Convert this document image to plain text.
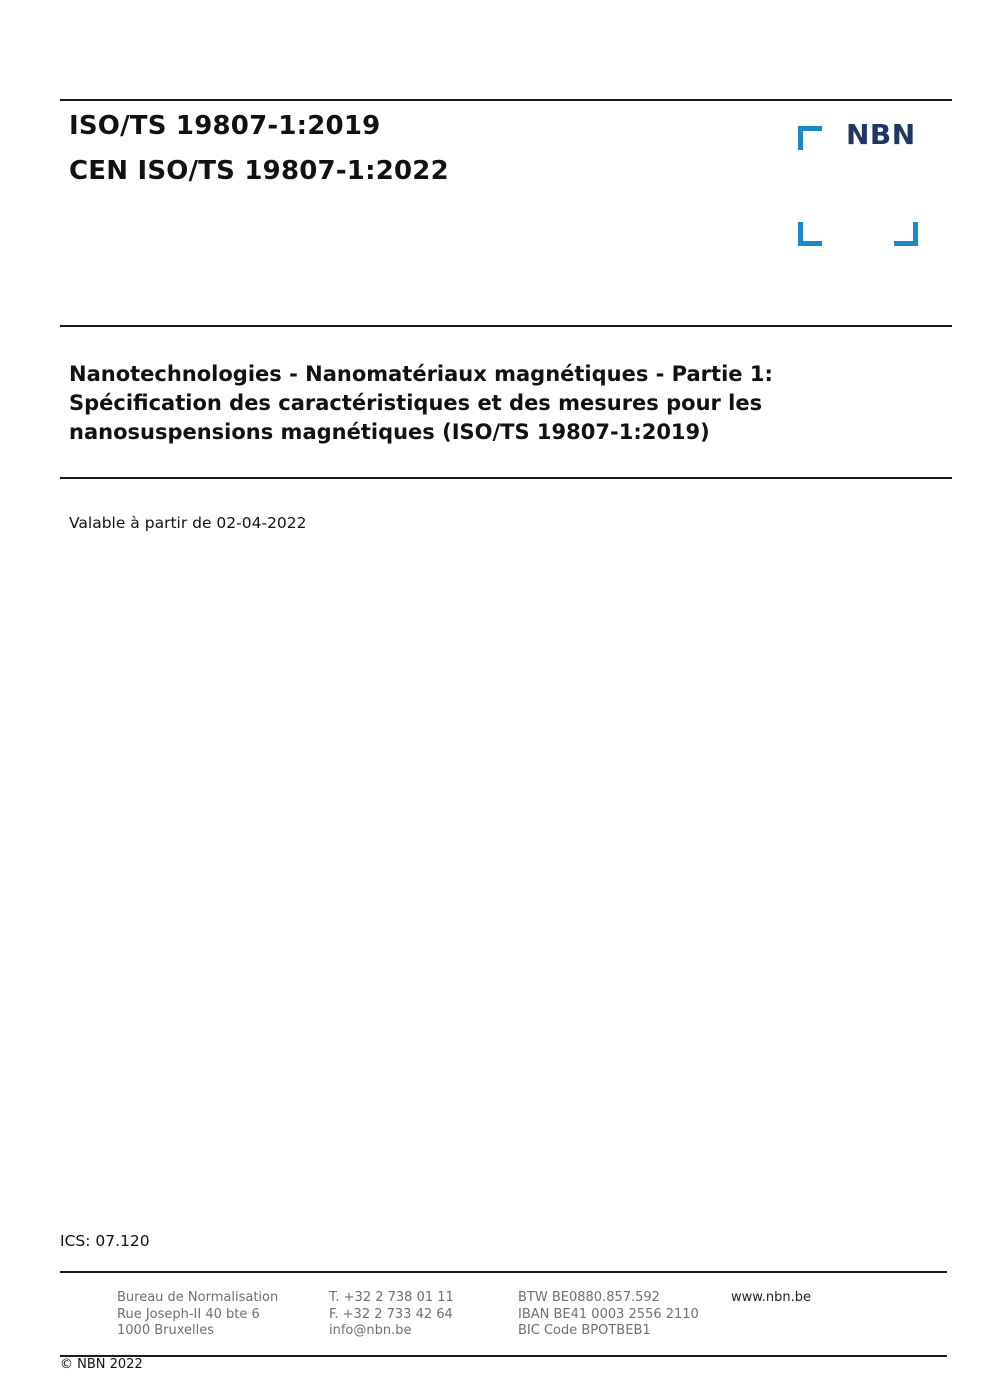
ISO/TS 19807-1:2019
CEN ISO/TS 19807-1:2022
NBN
Nanotechnologies - Nanomatériaux magnétiques - Partie 1:
Spécification des caractéristiques et des mesures pour les
nanosuspensions magnétiques (ISO/TS 19807-1:2019)

Valable à partir de 02-04-2022

ICS: 07.120

Bureau de Normalisation
Rue Joseph-II 40 bte 6
1000 Bruxelles
T. +32 2 738 01 11
F. +32 2 733 42 64
info@nbn.be
BTW BE0880.857.592
IBAN BE41 0003 2556 2110
BIC Code BPOTBEB1
www.nbn.be

© NBN 2022
